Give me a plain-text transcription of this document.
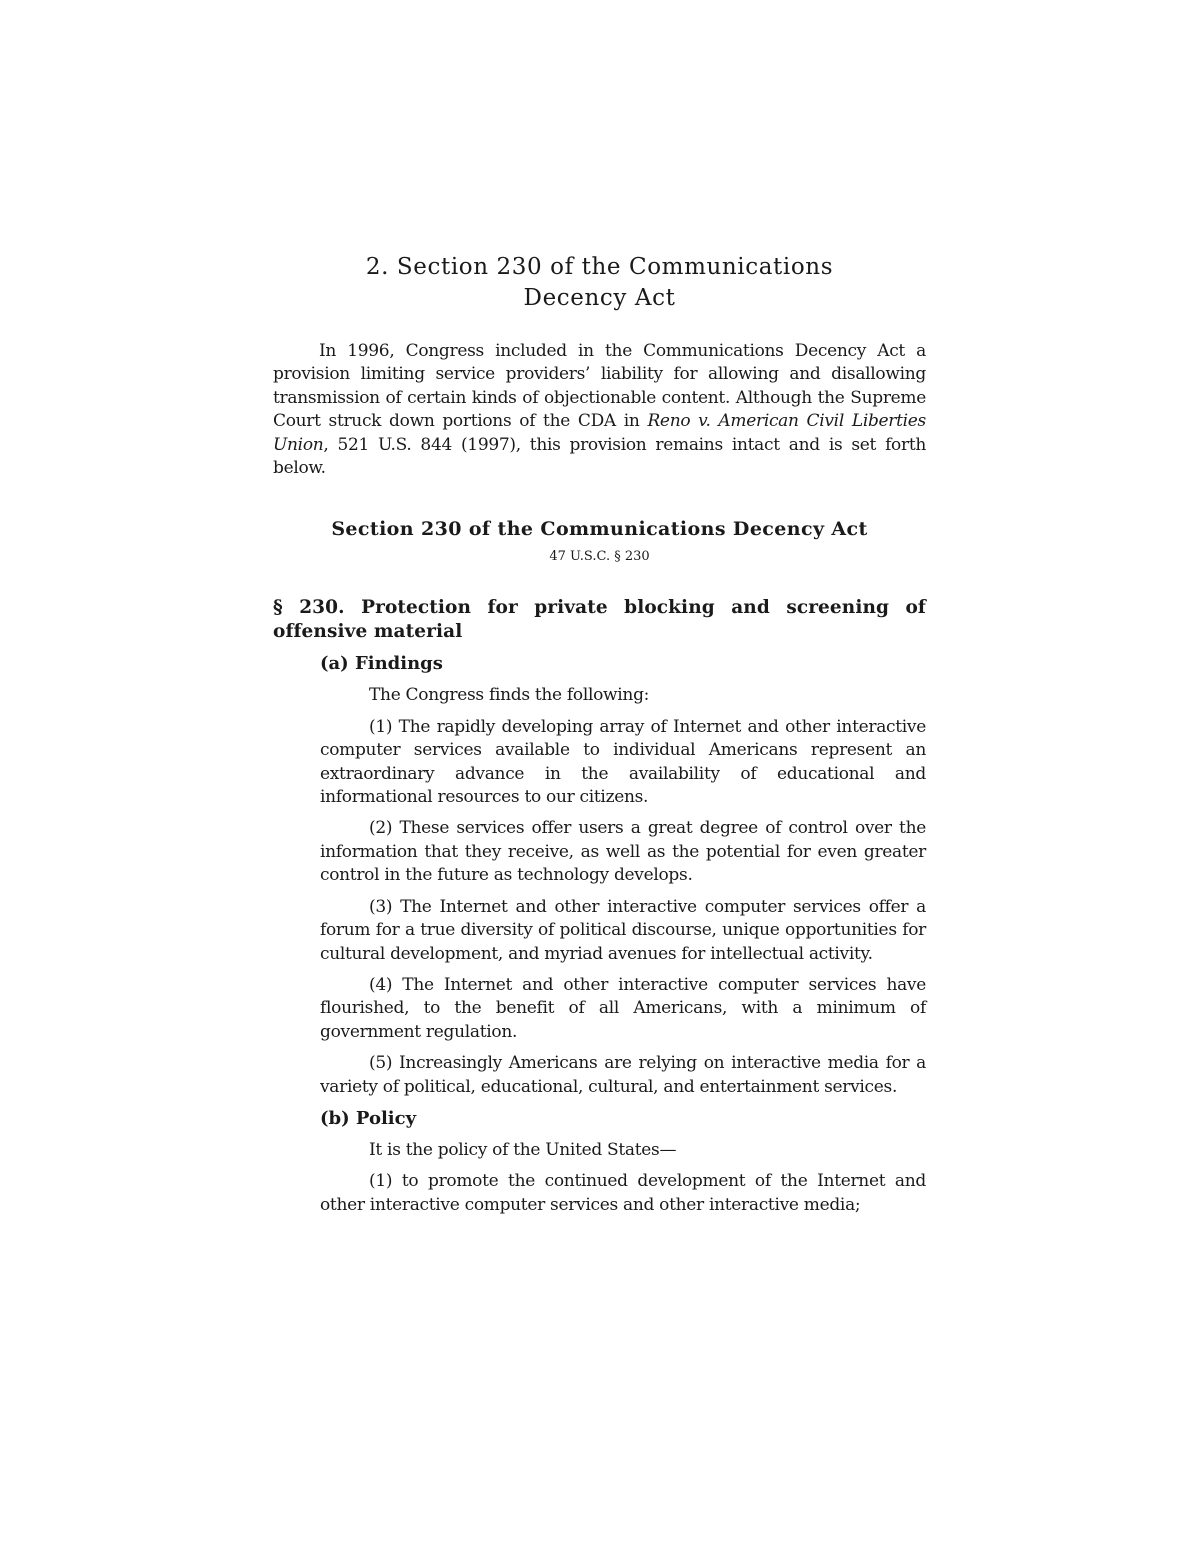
2. Section 230 of the Communications
Decency Act

In 1996, Congress included in the Communications Decency Act a provision limiting service providers’ liability for allowing and disallowing transmission of certain kinds of objectionable content. Although the Supreme Court struck down portions of the CDA in Reno v. American Civil Liberties Union, 521 U.S. 844 (1997), this provision remains intact and is set forth below.

Section 230 of the Communications Decency Act
47 U.S.C. § 230
§ 230. Protection for private blocking and screening of offensive material
(a) Findings
The Congress finds the following:

(1) The rapidly developing array of Internet and other interactive computer services available to individual Americans represent an extraordinary advance in the availability of educational and informational resources to our citizens.

(2) These services offer users a great degree of control over the information that they receive, as well as the potential for even greater control in the future as technology develops.

(3) The Internet and other interactive computer services offer a forum for a true diversity of political discourse, unique opportunities for cultural development, and myriad avenues for intellectual activity.

(4) The Internet and other interactive computer services have flourished, to the benefit of all Americans, with a minimum of government regulation.

(5) Increasingly Americans are relying on interactive media for a variety of political, educational, cultural, and entertainment services.

(b) Policy
It is the policy of the United States—

(1) to promote the continued development of the Internet and other interactive computer services and other interactive media;
